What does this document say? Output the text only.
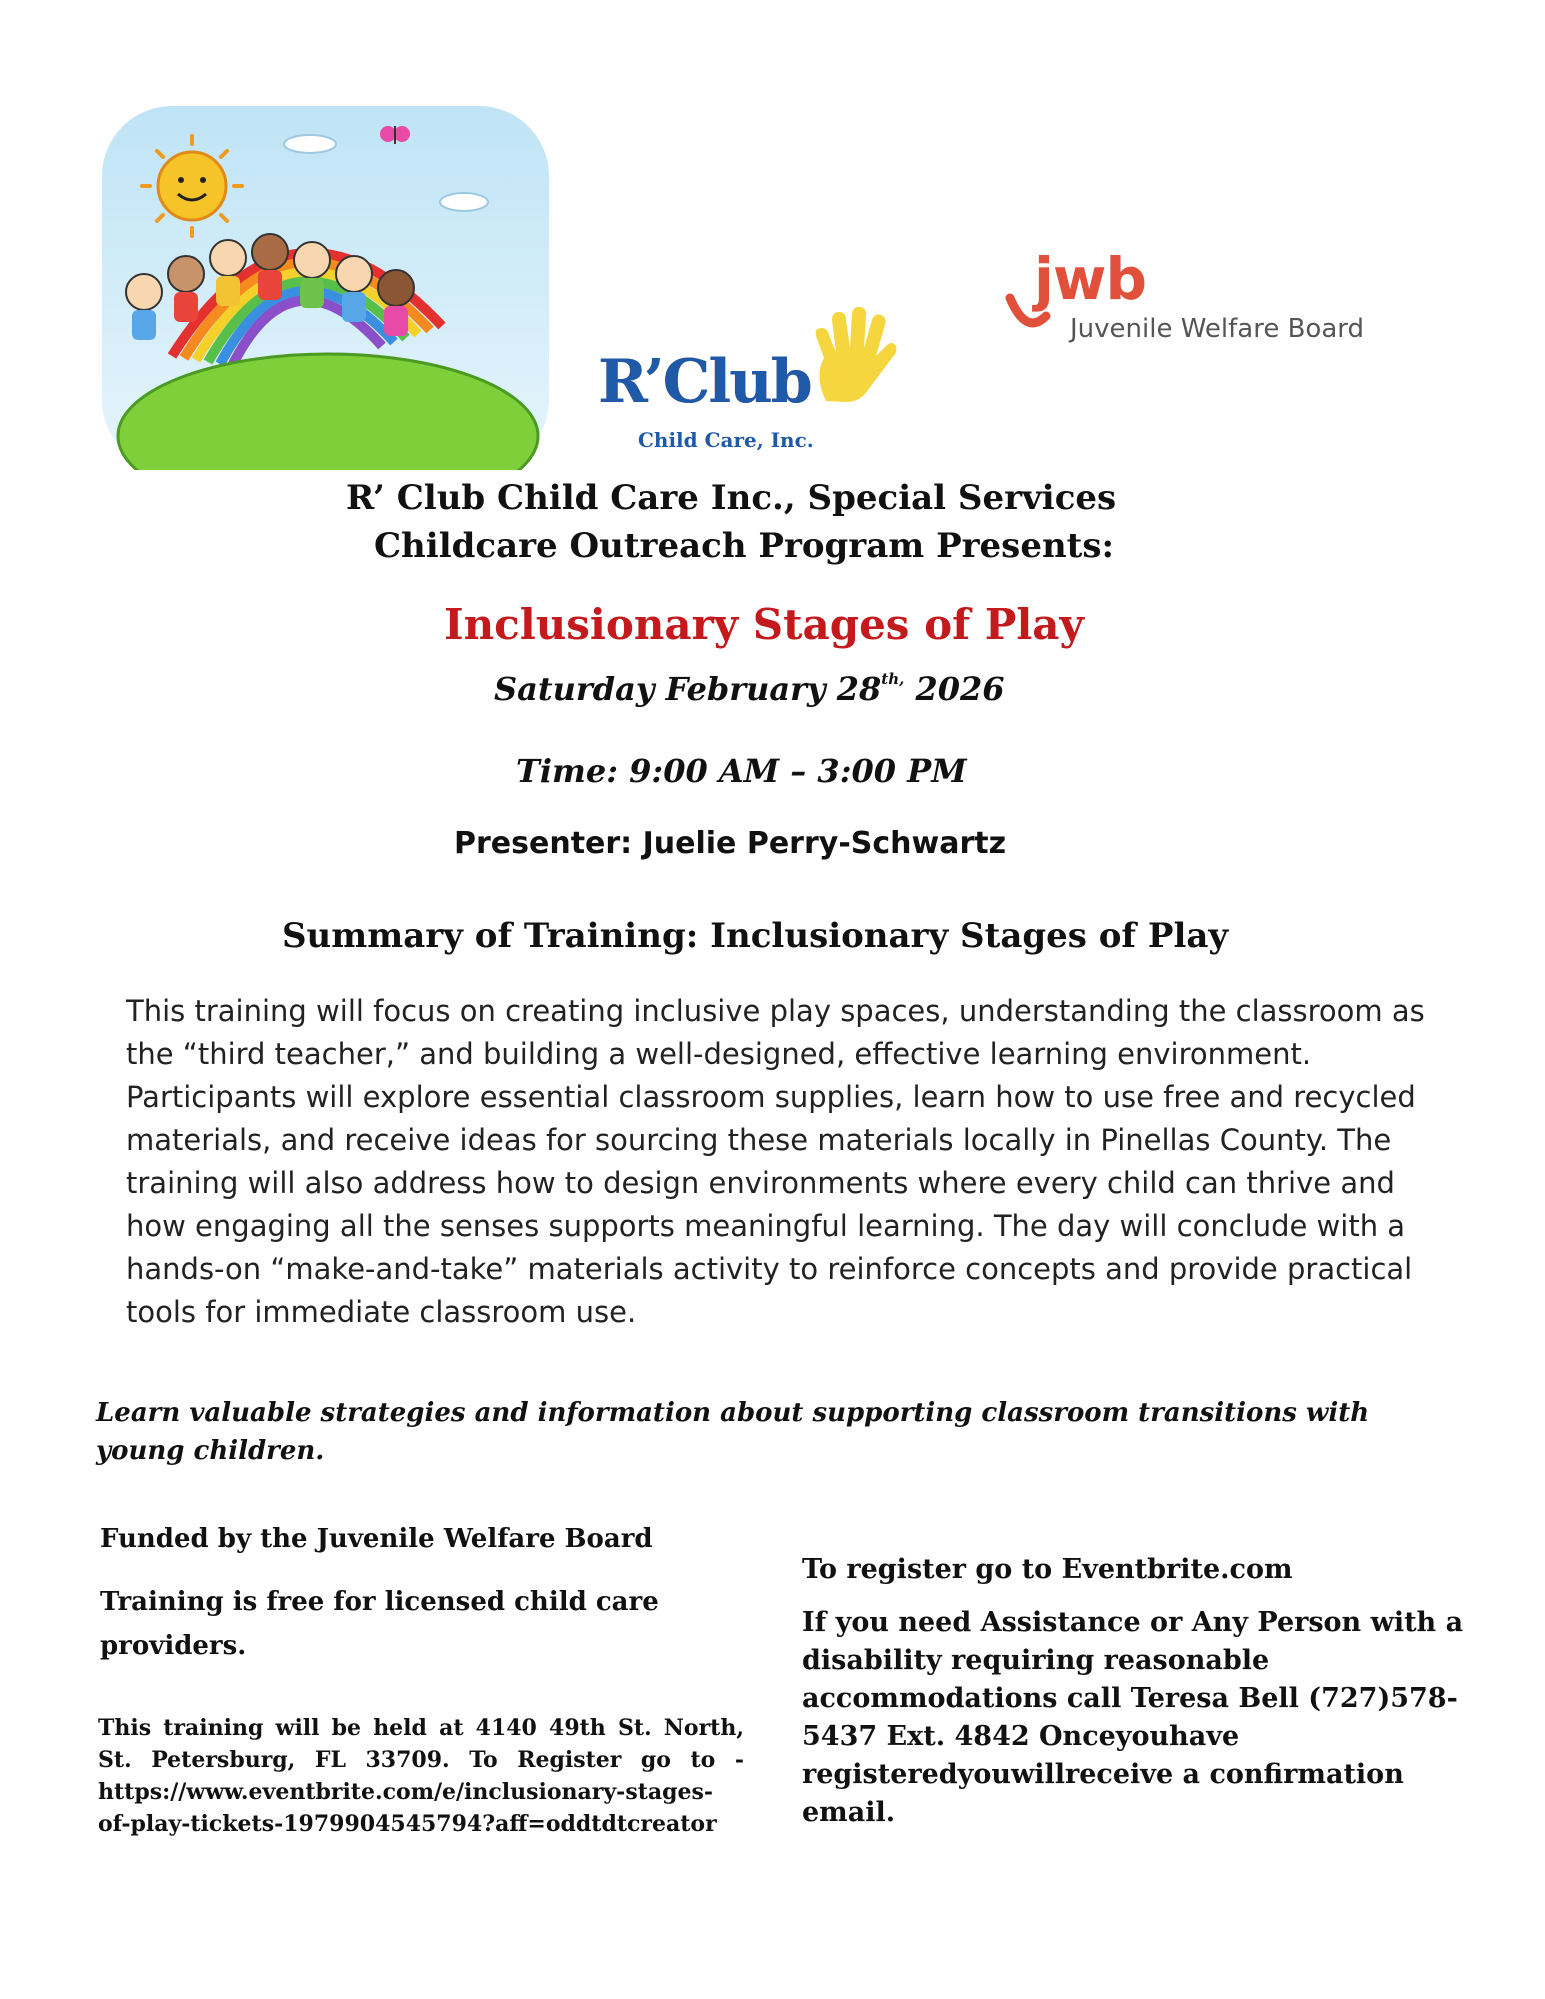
R’Club
Child Care, Inc.
jwb
Juvenile Welfare Board
R’ Club Child Care Inc., Special Services
Childcare Outreach Program Presents:
Inclusionary Stages of Play
Saturday February $28^{th,}$ 2026
Time: 9:00 AM – 3:00 PM
Presenter: Juelie Perry-Schwartz
Summary of Training: Inclusionary Stages of Play

This training will focus on creating inclusive play spaces, understanding the classroom as the “third teacher,” and building a well-designed, effective learning environment. Participants will explore essential classroom supplies, learn how to use free and recycled materials, and receive ideas for sourcing these materials locally in Pinellas County. The training will also address how to design environments where every child can thrive and how engaging all the senses supports meaningful learning. The day will conclude with a hands-on “make-and-take” materials activity to reinforce concepts and provide practical tools for immediate classroom use.

Learn valuable strategies and information about supporting classroom transitions with young children.

Funded by the Juvenile Welfare Board

Training is free for licensed child care providers.

This training will be held at 4140 49th St. North, St. Petersburg, FL 33709. To Register go to - https://www.eventbrite.com/e/inclusionary-stages-of-play-tickets-1979904545794?aff=oddtdtcreator

To register go to Eventbrite.com

If you need Assistance or Any Person with a disability requiring reasonable accommodations call Teresa Bell (727)578-5437 Ext. 4842 Onceyouhave registeredyouwillreceive a confirmation email.
